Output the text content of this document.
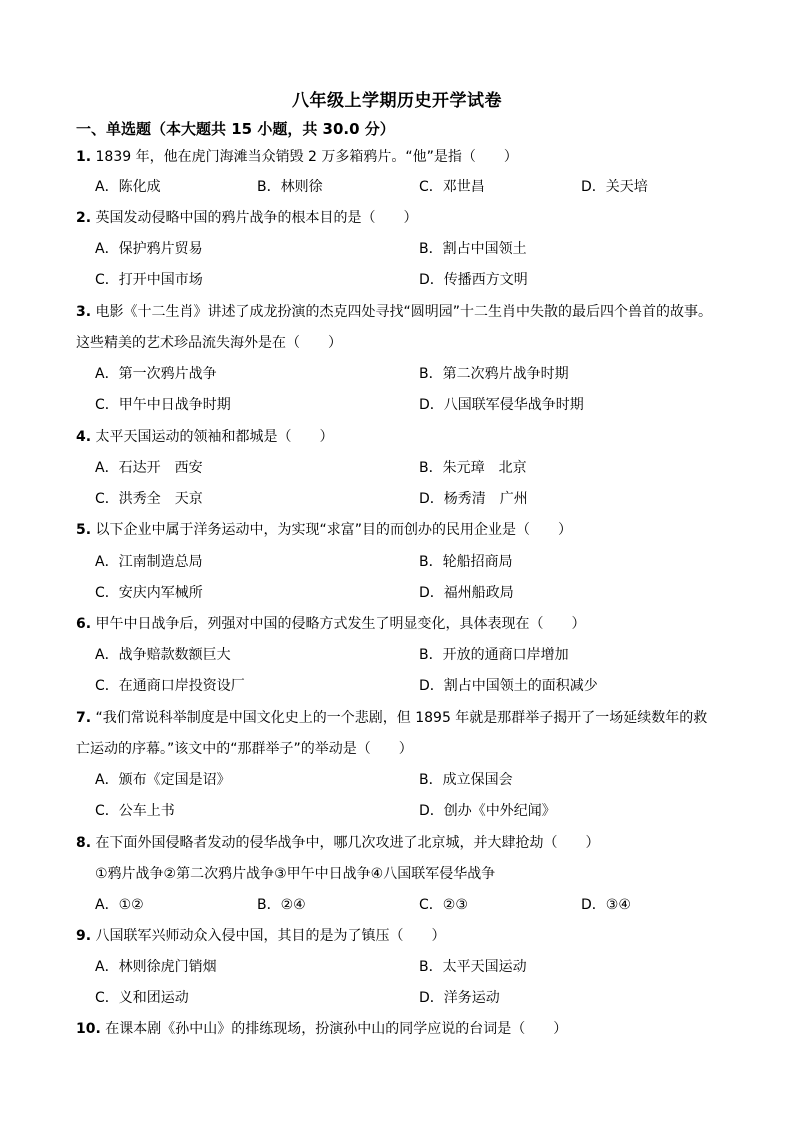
八年级上学期历史开学试卷
一、单选题（本大题共 15 小题，共 30.0 分）
1. 1839 年，他在虎门海滩当众销毁 2 万多箱鸦片。“他”是指（　　）
A．陈化成	B．林则徐	C．邓世昌	D．关天培
2. 英国发动侵略中国的鸦片战争的根本目的是（　　）
A．保护鸦片贸易	B．割占中国领土
C．打开中国市场	D．传播西方文明
3. 电影《十二生肖》讲述了成龙扮演的杰克四处寻找“圆明园”十二生肖中失散的最后四个兽首的故事。
这些精美的艺术珍品流失海外是在（　　）
A．第一次鸦片战争	B．第二次鸦片战争时期
C．甲午中日战争时期	D．八国联军侵华战争时期
4. 太平天国运动的领袖和都城是（　　）
A．石达开　西安	B．朱元璋　北京
C．洪秀全　天京	D．杨秀清　广州
5. 以下企业中属于洋务运动中，为实现“求富”目的而创办的民用企业是（　　）
A．江南制造总局	B．轮船招商局
C．安庆内军械所	D．福州船政局
6. 甲午中日战争后，列强对中国的侵略方式发生了明显变化，具体表现在（　　）
A．战争赔款数额巨大	B．开放的通商口岸增加
C．在通商口岸投资设厂	D．割占中国领土的面积减少
7. “我们常说科举制度是中国文化史上的一个悲剧，但 1895 年就是那群举子揭开了一场延续数年的救
亡运动的序幕。”该文中的“那群举子”的举动是（　　）
A．颁布《定国是诏》	B．成立保国会
C．公车上书	D．创办《中外纪闻》
8. 在下面外国侵略者发动的侵华战争中，哪几次攻进了北京城，并大肆抢劫（　　）
①鸦片战争②第二次鸦片战争③甲午中日战争④八国联军侵华战争
A．①②	B．②④	C．②③	D．③④
9. 八国联军兴师动众入侵中国，其目的是为了镇压（　　）
A．林则徐虎门销烟	B．太平天国运动
C．义和团运动	D．洋务运动
10. 在课本剧《孙中山》的排练现场，扮演孙中山的同学应说的台词是（　　）
